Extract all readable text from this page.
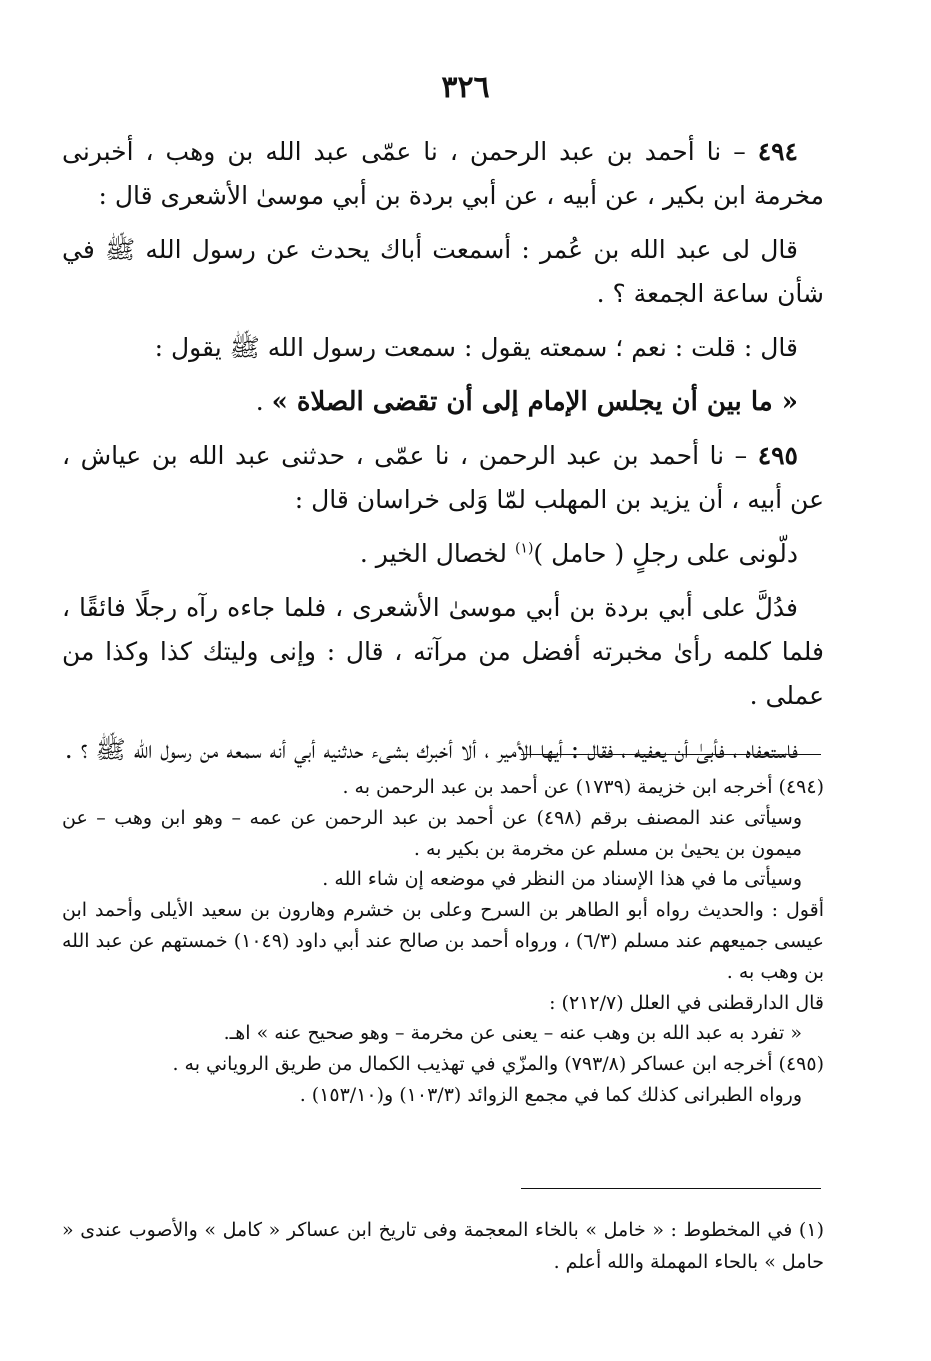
٣٢٦

٤٩٤ – نا أحمد بن عبد الرحمن ، نا عمّى عبد الله بن وهب ، أخبرنى مخرمة ابن بكير ، عن أبيه ، عن أبي بردة بن أبي موسىٰ الأشعرى قال :

قال لى عبد الله بن عُمر : أسمعت أباك يحدث عن رسول الله ﷺ في شأن ساعة الجمعة ؟ .

قال : قلت : نعم ؛ سمعته يقول : سمعت رسول الله ﷺ يقول :

« ما بين أن يجلس الإمام إلى أن تقضى الصلاة » .

٤٩٥ – نا أحمد بن عبد الرحمن ، نا عمّى ، حدثنى عبد الله بن عياش ، عن أبيه ، أن يزيد بن المهلب لمّا وَلى خراسان قال :

دلّونى على رجلٍ ( حامل )$^{(١)}$ لخصال الخير .

فدُلَّ على أبي بردة بن أبي موسىٰ الأشعرى ، فلما جاءه رآه رجلًا فائقًا ، فلما كلمه رأىٰ مخبرته أفضل من مرآته ، قال : وإنى وليتك كذا وكذا من عملى .

فاستعفاه ، فأبىٰ أن يعفيه ، فقال : أيها الأمير ، ألا أخبرك بشىء حدثنيه أبي أنه سمعه من رسول الله ﷺ ؟ .

(٤٩٤) أخرجه ابن خزيمة (١٧٣٩) عن أحمد بن عبد الرحمن به .

وسيأتى عند المصنف برقم (٤٩٨) عن أحمد بن عبد الرحمن عن عمه – وهو ابن وهب – عن ميمون بن يحيىٰ بن مسلم عن مخرمة بن بكير به .

وسيأتى ما في هذا الإسناد من النظر في موضعه إن شاء الله .

أقول : والحديث رواه أبو الطاهر بن السرح وعلى بن خشرم وهارون بن سعيد الأيلى وأحمد ابن عيسى جميعهم عند مسلم (٦/٣) ، ورواه أحمد بن صالح عند أبي داود (١٠٤٩) خمستهم عن عبد الله بن وهب به .

قال الدارقطنى في العلل (٢١٢/٧) :

« تفرد به عبد الله بن وهب عنه – يعنى عن مخرمة – وهو صحيح عنه » اهـ.

(٤٩٥) أخرجه ابن عساكر (٧٩٣/٨) والمزّي في تهذيب الكمال من طريق الروياني به .

ورواه الطبرانى كذلك كما في مجمع الزوائد (١٠٣/٣) و(١٥٣/١٠) .

(١) في المخطوط : « خامل » بالخاء المعجمة وفى تاريخ ابن عساكر « كامل » والأصوب عندى « حامل » بالحاء المهملة والله أعلم .
